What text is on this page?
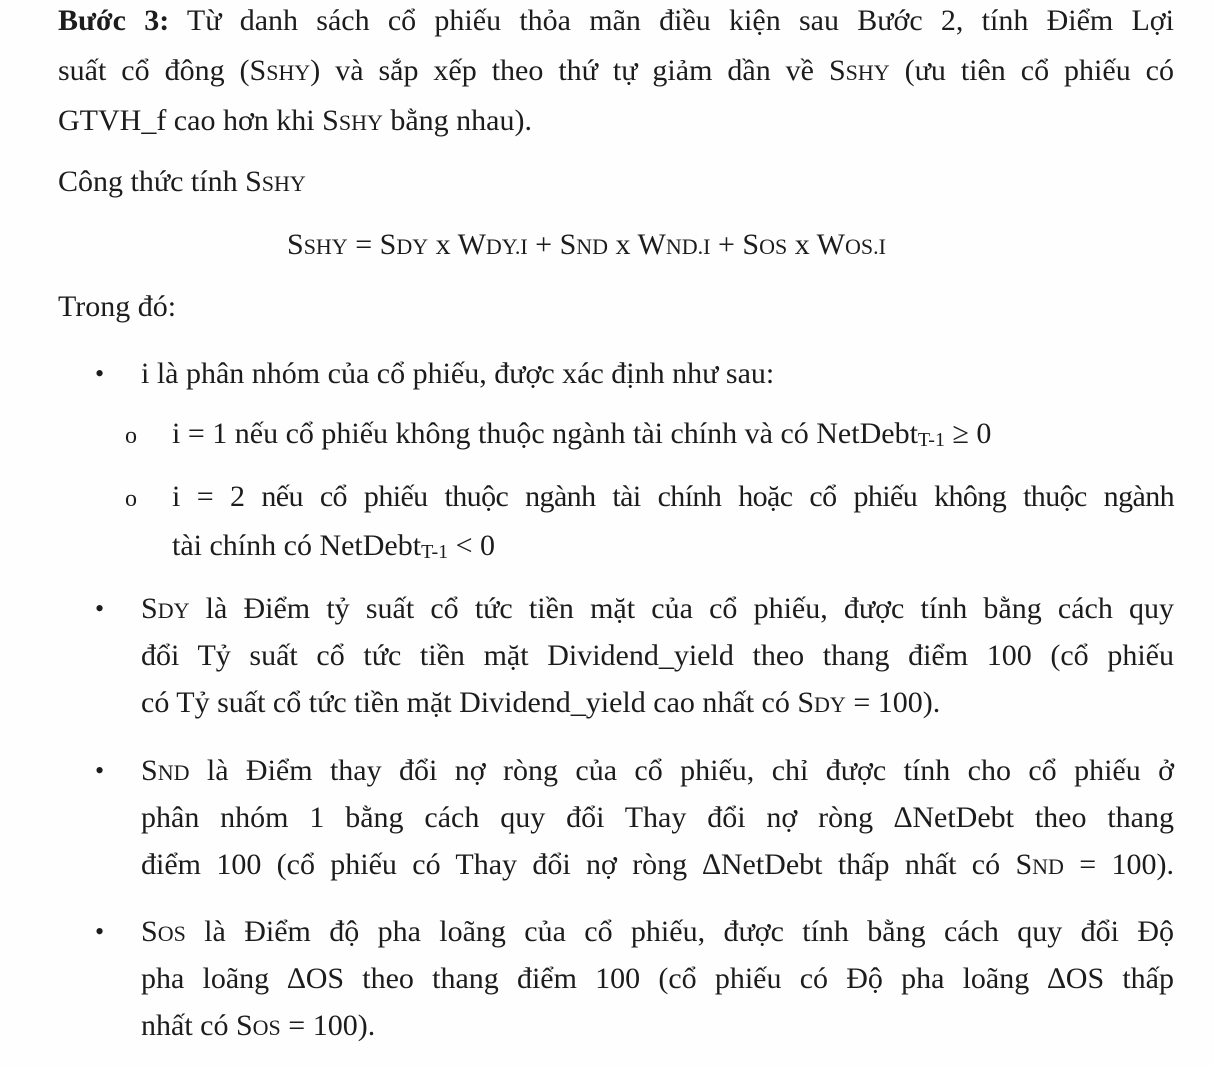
Bước 3: Từ danh sách cổ phiếu thỏa mãn điều kiện sau Bước 2, tính Điểm Lợi
suất cổ đông (SSHY) và sắp xếp theo thứ tự giảm dần về SSHY (ưu tiên cổ phiếu có
GTVH_f cao hơn khi SSHY bằng nhau).
Công thức tính SSHY
SSHY = SDY x WDY.I + SND x WND.I + SOS x WOS.I
Trong đó:
• i là phân nhóm của cổ phiếu, được xác định như sau:
o i = 1 nếu cổ phiếu không thuộc ngành tài chính và có NetDebtT-1 ≥ 0
o i = 2 nếu cổ phiếu thuộc ngành tài chính hoặc cổ phiếu không thuộc ngành
tài chính có NetDebtT-1 < 0
• SDY là Điểm tỷ suất cổ tức tiền mặt của cổ phiếu, được tính bằng cách quy
đổi Tỷ suất cổ tức tiền mặt Dividend_yield theo thang điểm 100 (cổ phiếu
có Tỷ suất cổ tức tiền mặt Dividend_yield cao nhất có SDY = 100).
• SND là Điểm thay đổi nợ ròng của cổ phiếu, chỉ được tính cho cổ phiếu ở
phân nhóm 1 bằng cách quy đổi Thay đổi nợ ròng ∆NetDebt theo thang
điểm 100 (cổ phiếu có Thay đổi nợ ròng ∆NetDebt thấp nhất có SND = 100).
• SOS là Điểm độ pha loãng của cổ phiếu, được tính bằng cách quy đổi Độ
pha loãng ∆OS theo thang điểm 100 (cổ phiếu có Độ pha loãng ∆OS thấp
nhất có SOS = 100).
